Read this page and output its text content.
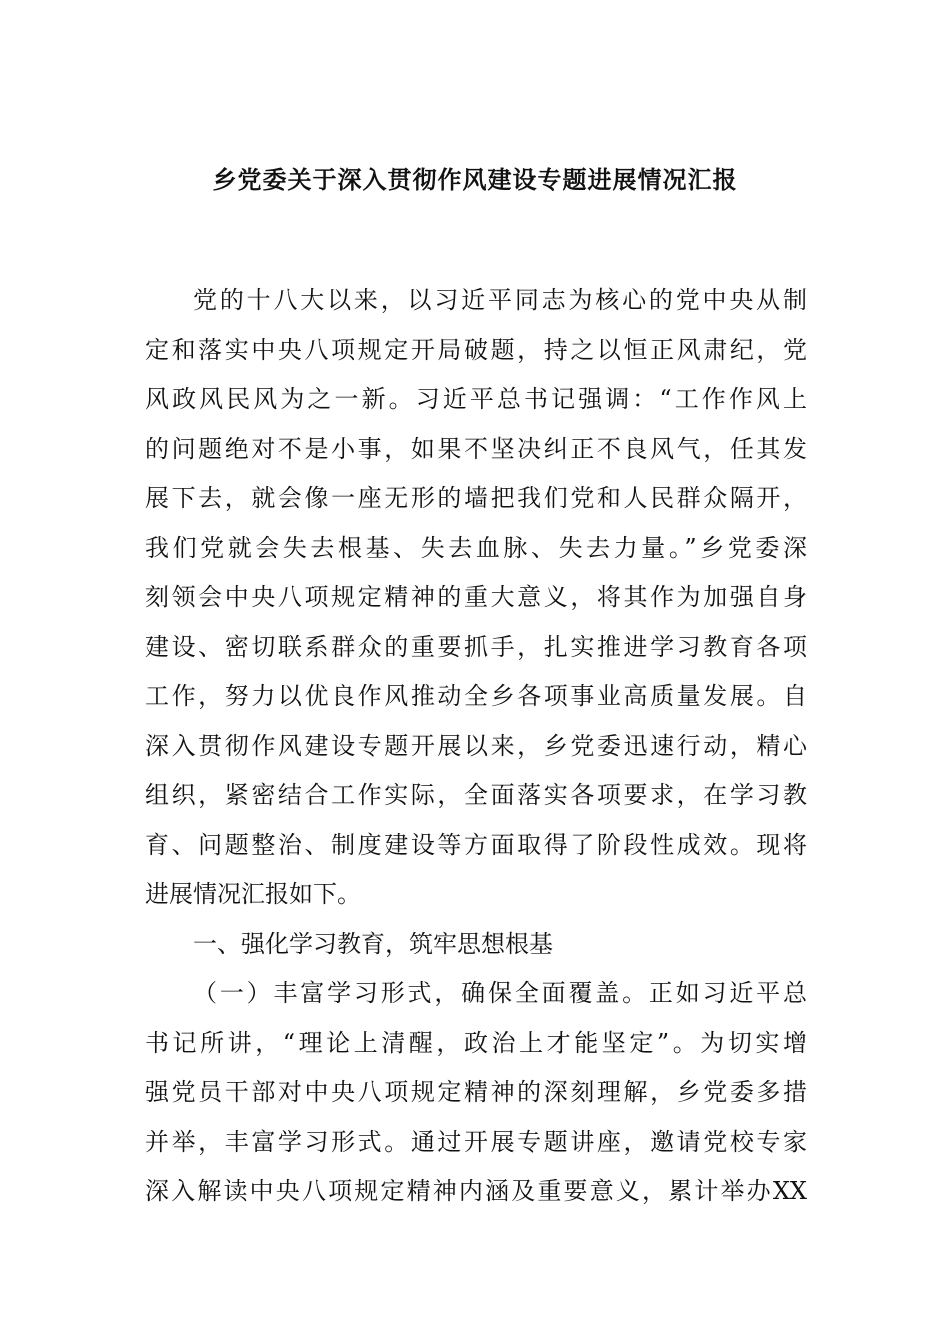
乡党委关于深入贯彻作风建设专题进展情况汇报
党的十八大以来，以习近平同志为核心的党中央从制
定和落实中央八项规定开局破题，持之以恒正风肃纪，党
风政风民风为之一新。习近平总书记强调：“工作作风上
的问题绝对不是小事，如果不坚决纠正不良风气，任其发
展下去，就会像一座无形的墙把我们党和人民群众隔开，
我们党就会失去根基、失去血脉、失去力量。”乡党委深
刻领会中央八项规定精神的重大意义，将其作为加强自身
建设、密切联系群众的重要抓手，扎实推进学习教育各项
工作，努力以优良作风推动全乡各项事业高质量发展。自
深入贯彻作风建设专题开展以来，乡党委迅速行动，精心
组织，紧密结合工作实际，全面落实各项要求，在学习教
育、问题整治、制度建设等方面取得了阶段性成效。现将
进展情况汇报如下。
一、强化学习教育，筑牢思想根基
（一）丰富学习形式，确保全面覆盖。正如习近平总
书记所讲，“理论上清醒，政治上才能坚定”。为切实增
强党员干部对中央八项规定精神的深刻理解，乡党委多措
并举，丰富学习形式。通过开展专题讲座，邀请党校专家
深入解读中央八项规定精神内涵及重要意义，累计举办XX
